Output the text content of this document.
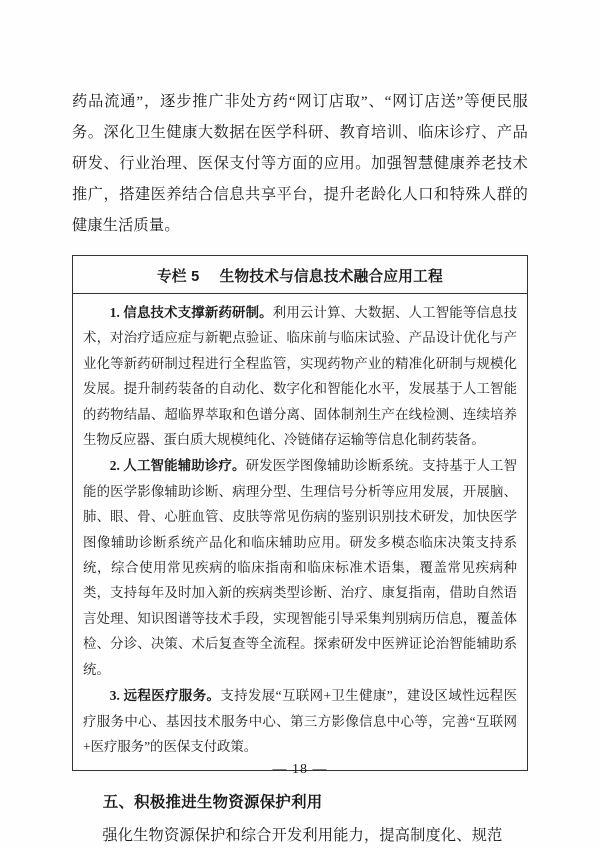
药品流通”，逐步推广非处方药“网订店取”、“网订店送”等便民服务。深化卫生健康大数据在医学科研、教育培训、临床诊疗、产品研发、行业治理、医保支付等方面的应用。加强智慧健康养老技术推广，搭建医养结合信息共享平台，提升老龄化人口和特殊人群的健康生活质量。

专栏 5 生物技术与信息技术融合应用工程

1. 信息技术支撑新药研制。利用云计算、大数据、人工智能等信息技术，对治疗适应症与新靶点验证、临床前与临床试验、产品设计优化与产业化等新药研制过程进行全程监管，实现药物产业的精准化研制与规模化发展。提升制药装备的自动化、数字化和智能化水平，发展基于人工智能的药物结晶、超临界萃取和色谱分离、固体制剂生产在线检测、连续培养生物反应器、蛋白质大规模纯化、冷链储存运输等信息化制药装备。

2. 人工智能辅助诊疗。研发医学图像辅助诊断系统。支持基于人工智能的医学影像辅助诊断、病理分型、生理信号分析等应用发展，开展脑、肺、眼、骨、心脏血管、皮肤等常见伤病的鉴别识别技术研发，加快医学图像辅助诊断系统产品化和临床辅助应用。研发多模态临床决策支持系统，综合使用常见疾病的临床指南和临床标准术语集，覆盖常见疾病种类，支持每年及时加入新的疾病类型诊断、治疗、康复指南，借助自然语言处理、知识图谱等技术手段，实现智能引导采集判别病历信息，覆盖体检、分诊、决策、术后复查等全流程。探索研发中医辨证论治智能辅助系统。

3. 远程医疗服务。支持发展“互联网+卫生健康”，建设区域性远程医疗服务中心、基因技术服务中心、第三方影像信息中心等，完善“互联网+医疗服务”的医保支付政策。

五、积极推进生物资源保护利用

强化生物资源保护和综合开发利用能力，提高制度化、规范

— 18 —
